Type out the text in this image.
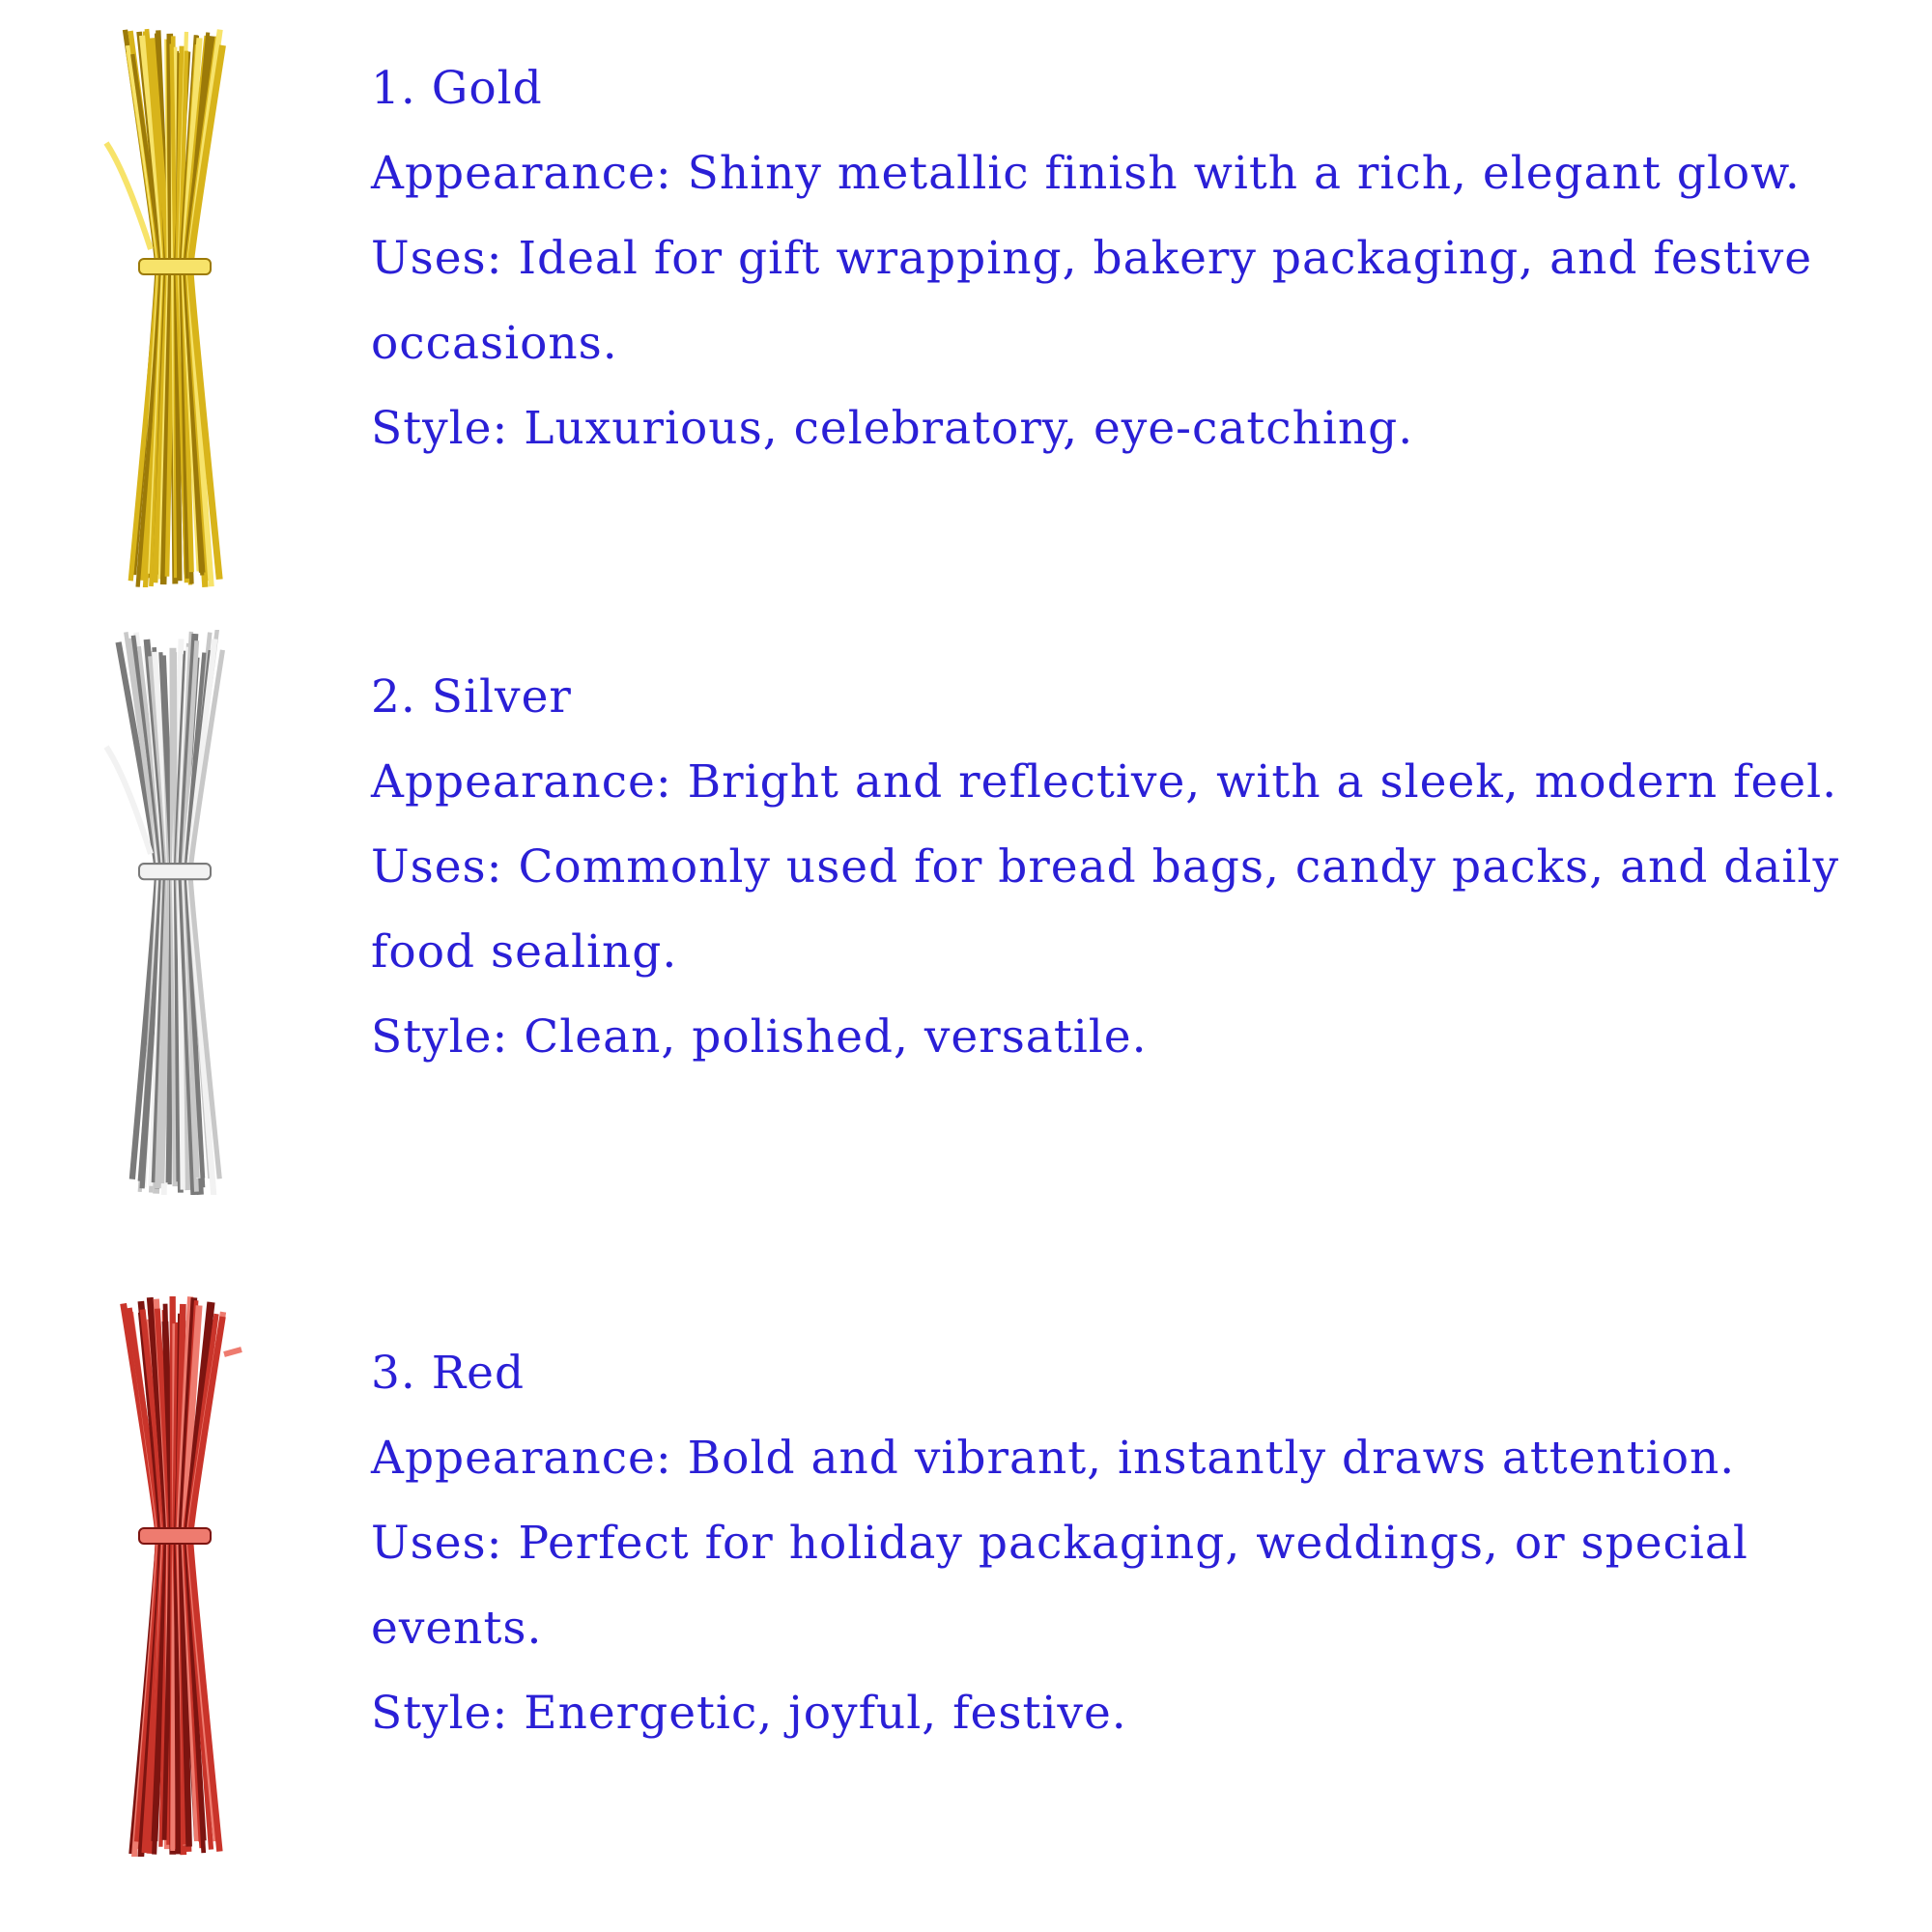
1. Gold
Appearance: Shiny metallic finish with a rich, elegant glow.
Uses: Ideal for gift wrapping, bakery packaging, and festive occasions.
Style: Luxurious, celebratory, eye-catching.
2. Silver
Appearance: Bright and reflective, with a sleek, modern feel.
Uses: Commonly used for bread bags, candy packs, and daily food sealing.
Style: Clean, polished, versatile.
3. Red
Appearance: Bold and vibrant, instantly draws attention.
Uses: Perfect for holiday packaging, weddings, or special events.
Style: Energetic, joyful, festive.
